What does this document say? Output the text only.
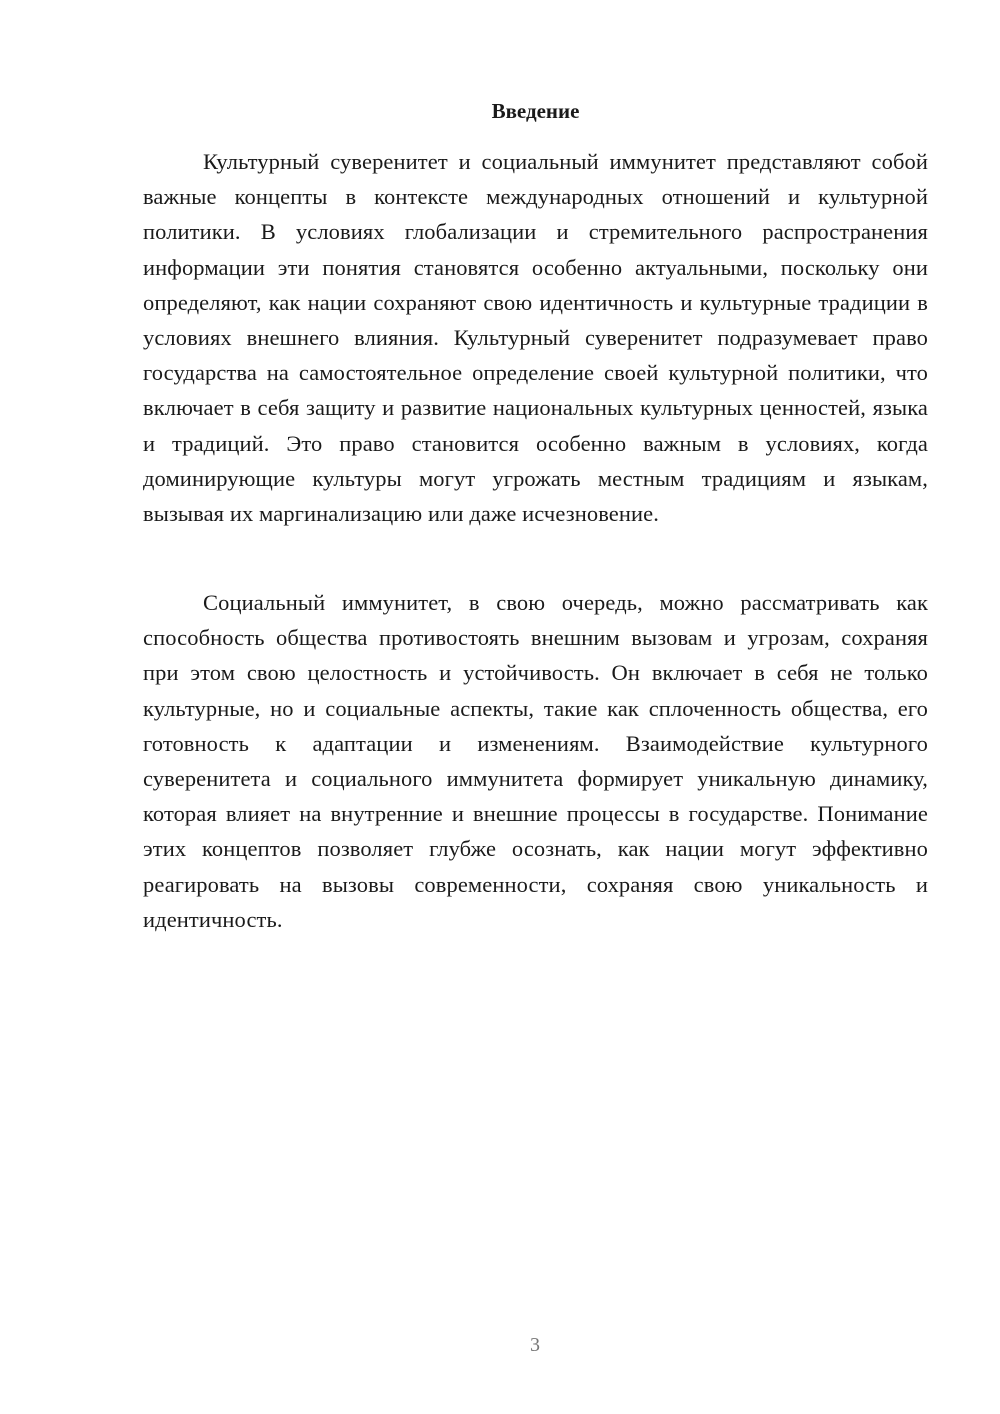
Введение

Культурный суверенитет и социальный иммунитет представляют собой важные концепты в контексте международных отношений и культурной политики. В условиях глобализации и стремительного распространения информации эти понятия становятся особенно актуальными, поскольку они определяют, как нации сохраняют свою идентичность и культурные традиции в условиях внешнего влияния. Культурный суверенитет подразумевает право государства на самостоятельное определение своей культурной политики, что включает в себя защиту и развитие национальных культурных ценностей, языка и традиций. Это право становится особенно важным в условиях, когда доминирующие культуры могут угрожать местным традициям и языкам, вызывая их маргинализацию или даже исчезновение.

Социальный иммунитет, в свою очередь, можно рассматривать как способность общества противостоять внешним вызовам и угрозам, сохраняя при этом свою целостность и устойчивость. Он включает в себя не только культурные, но и социальные аспекты, такие как сплоченность общества, его готовность к адаптации и изменениям. Взаимодействие культурного суверенитета и социального иммунитета формирует уникальную динамику, которая влияет на внутренние и внешние процессы в государстве. Понимание этих концептов позволяет глубже осознать, как нации могут эффективно реагировать на вызовы современности, сохраняя свою уникальность и идентичность.

3
